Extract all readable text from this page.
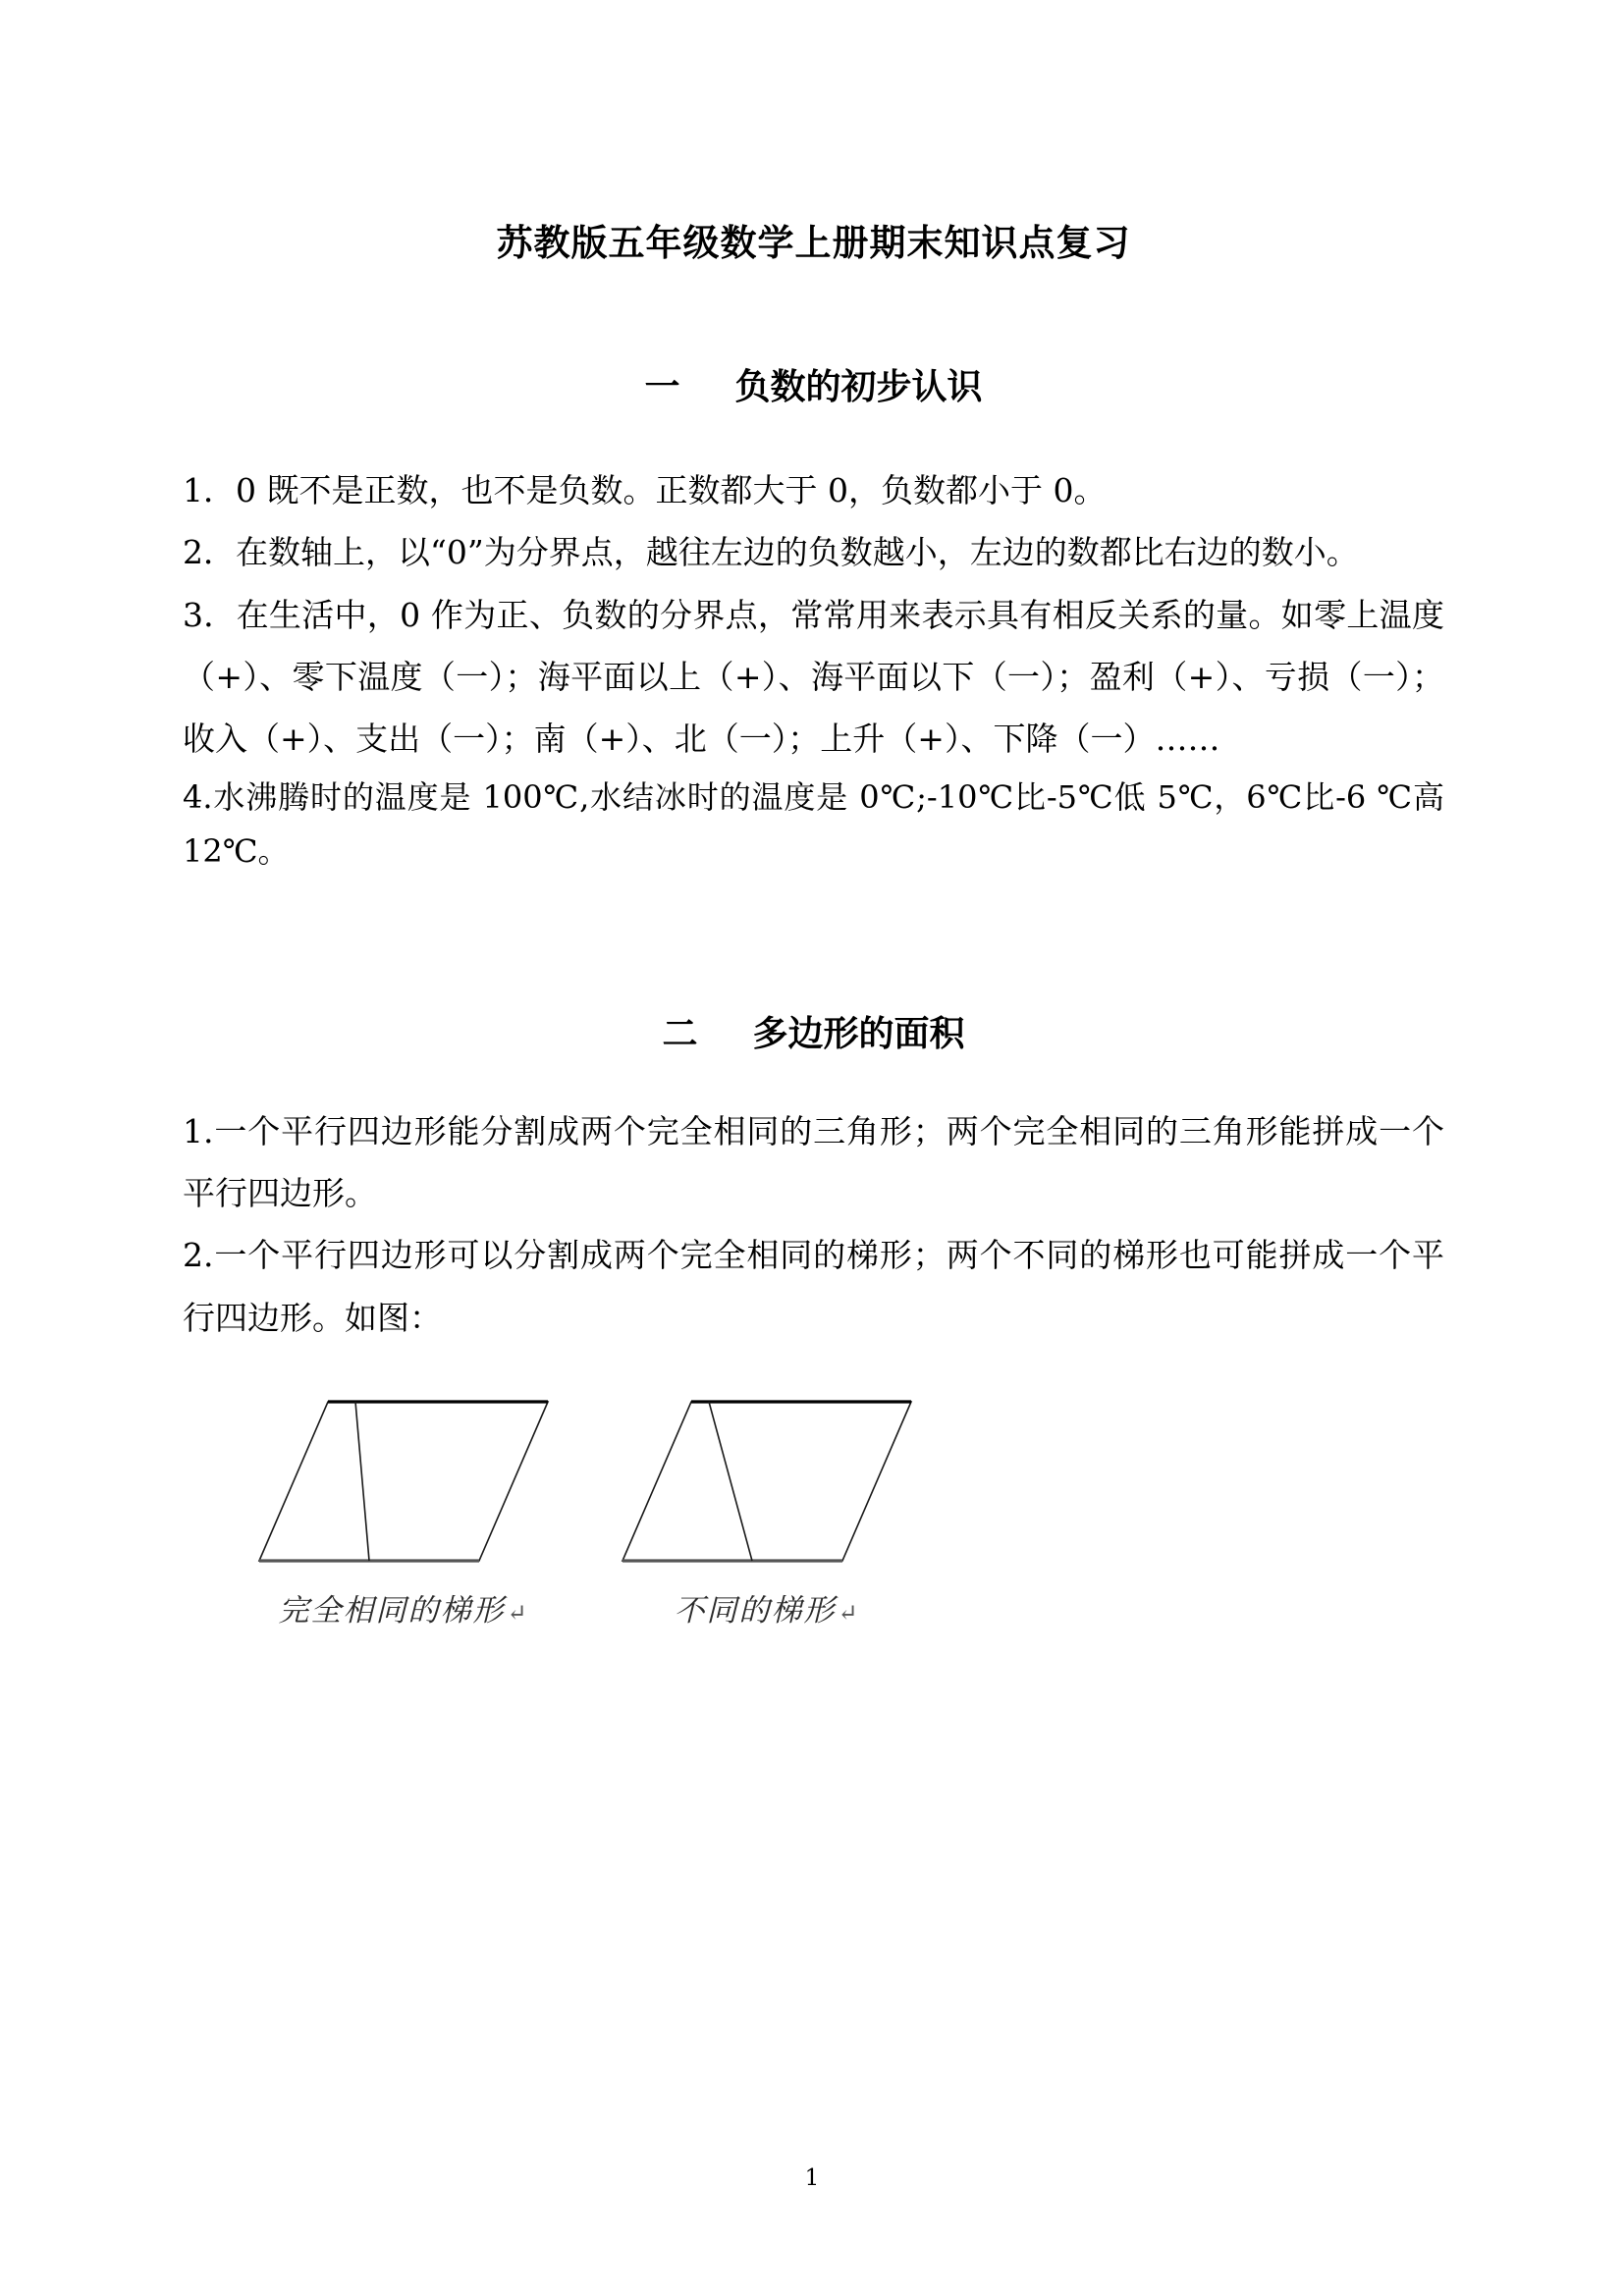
苏教版五年级数学上册期末知识点复习
一 负数的初步认识

1．0 既不是正数，也不是负数。正数都大于 0，负数都小于 0。

2．在数轴上，以“0”为分界点，越往左边的负数越小，左边的数都比右边的数小。

3．在生活中，0 作为正、负数的分界点，常常用来表示具有相反关系的量。如零上温度（+）、零下温度（一）；海平面以上（+）、海平面以下（一）；盈利（+）、亏损（一）；收入（+）、支出（一）；南（+）、北（一）；上升（+）、下降（一）……

4.水沸腾时的温度是 100℃,水结冰时的温度是 0℃;-10℃比-5℃低 5℃，6℃比-6 ℃高 12℃。

二 多边形的面积

1.一个平行四边形能分割成两个完全相同的三角形；两个完全相同的三角形能拼成一个平行四边形。

2.一个平行四边形可以分割成两个完全相同的梯形；两个不同的梯形也可能拼成一个平行四边形。如图：

完全相同的梯形↵	不同的梯形↵
1
